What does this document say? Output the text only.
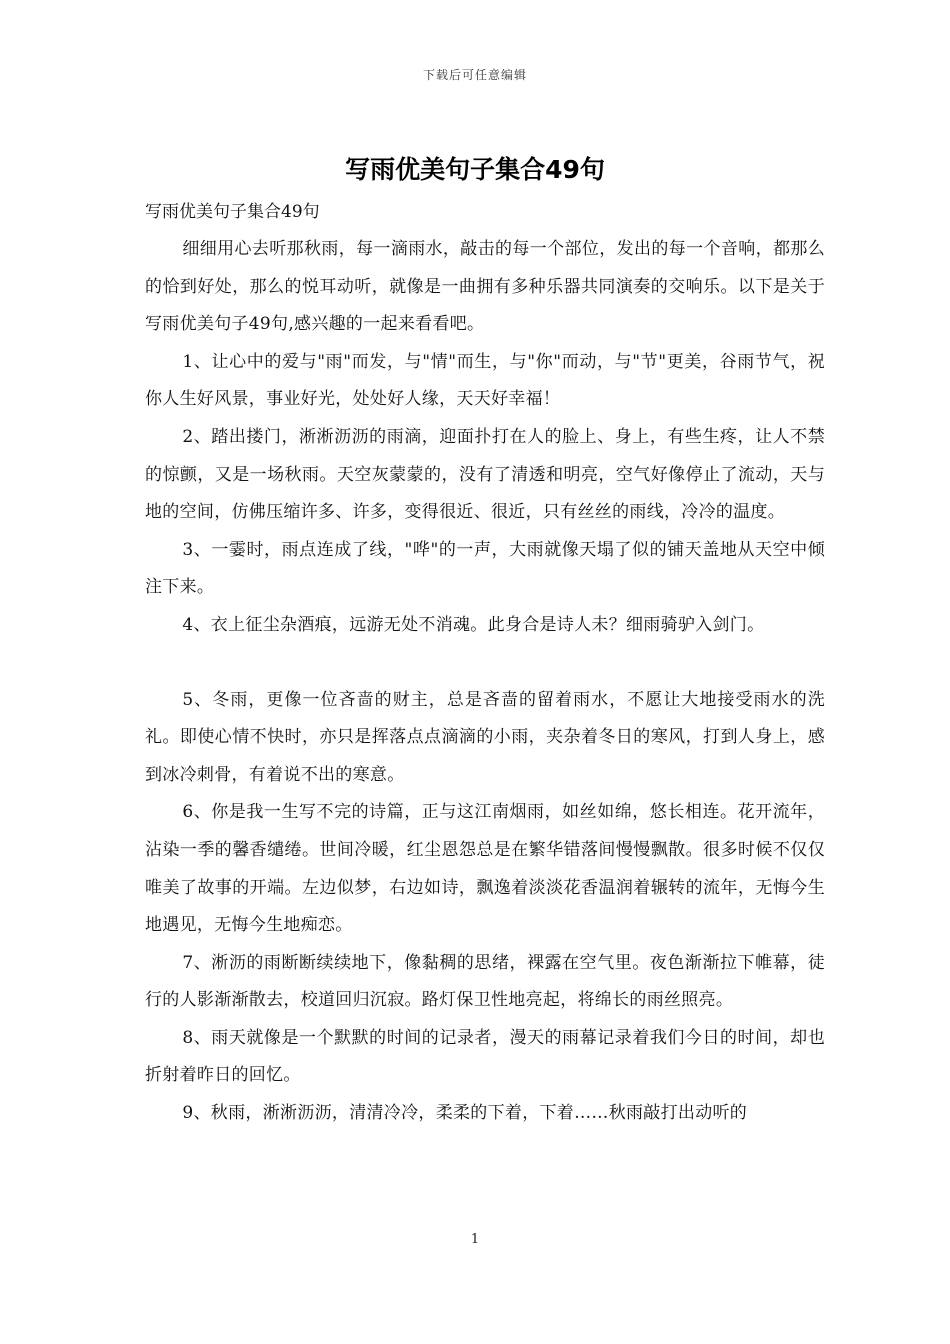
下载后可任意编辑
写雨优美句子集合49句

写雨优美句子集合49句

细细用心去听那秋雨，每一滴雨水，敲击的每一个部位，发出的每一个音响，都那么的恰到好处，那么的悦耳动听，就像是一曲拥有多种乐器共同演奏的交响乐。以下是关于写雨优美句子49句,感兴趣的一起来看看吧。

1、让心中的爱与"雨"而发，与"情"而生，与"你"而动，与"节"更美，谷雨节气，祝你人生好风景，事业好光，处处好人缘，天天好幸福！

2、踏出搂门，淅淅沥沥的雨滴，迎面扑打在人的脸上、身上，有些生疼，让人不禁的惊颤，又是一场秋雨。天空灰蒙蒙的，没有了清透和明亮，空气好像停止了流动，天与地的空间，仿佛压缩许多、许多，变得很近、很近，只有丝丝的雨线，冷冷的温度。

3、一霎时，雨点连成了线，"哗"的一声，大雨就像天塌了似的铺天盖地从天空中倾注下来。

4、衣上征尘杂酒痕，远游无处不消魂。此身合是诗人未？细雨骑驴入剑门。

5、冬雨，更像一位吝啬的财主，总是吝啬的留着雨水，不愿让大地接受雨水的洗礼。即使心情不快时，亦只是挥落点点滴滴的小雨，夹杂着冬日的寒风，打到人身上，感到冰冷刺骨，有着说不出的寒意。

6、你是我一生写不完的诗篇，正与这江南烟雨，如丝如绵，悠长相连。花开流年，沾染一季的馨香缱绻。世间冷暖，红尘恩怨总是在繁华错落间慢慢飘散。很多时候不仅仅唯美了故事的开端。左边似梦，右边如诗，飘逸着淡淡花香温润着辗转的流年，无悔今生地遇见，无悔今生地痴恋。

7、淅沥的雨断断续续地下，像黏稠的思绪，裸露在空气里。夜色渐渐拉下帷幕，徒行的人影渐渐散去，校道回归沉寂。路灯保卫性地亮起，将绵长的雨丝照亮。

8、雨天就像是一个默默的时间的记录者，漫天的雨幕记录着我们今日的时间，却也折射着昨日的回忆。

9、秋雨，淅淅沥沥，清清冷冷，柔柔的下着，下着……秋雨敲打出动听的

1
